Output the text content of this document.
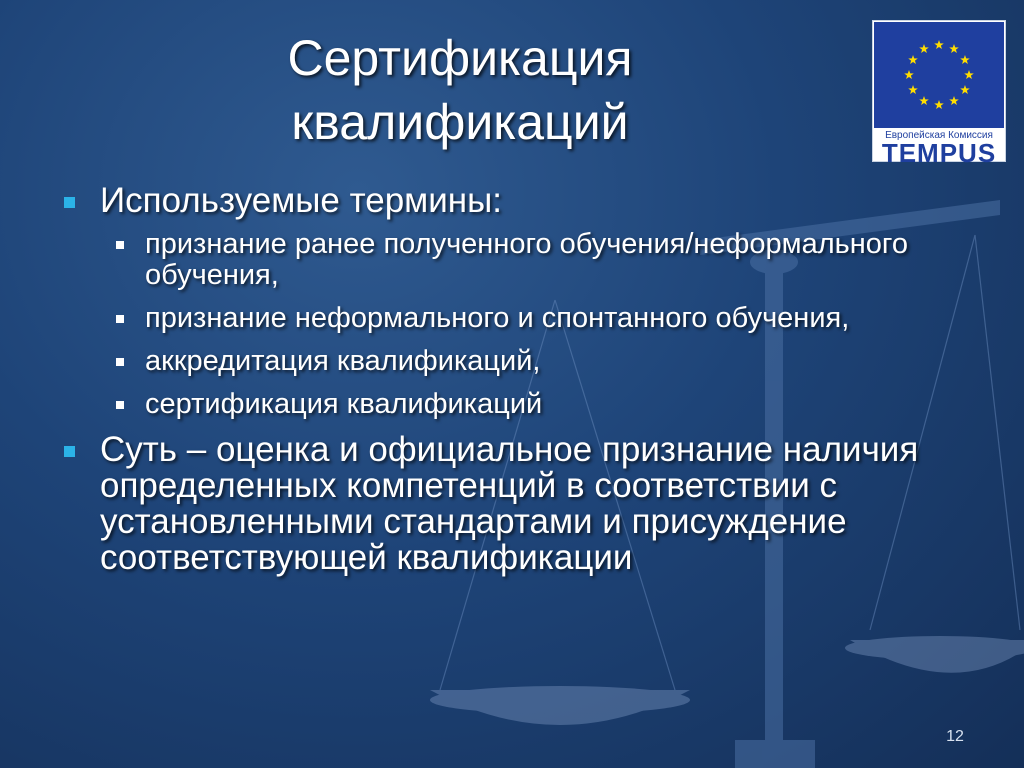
Сертификация квалификаций	Европейская Комиссия
TEMPUS
Используемые термины:
признание ранее полученного обучения/неформального обучения,
признание неформального и спонтанного обучения,
аккредитация квалификаций,
сертификация квалификаций
Суть – оценка и официальное признание наличия определенных компетенций в соответствии с установленными стандартами и присуждение соответствующей квалификации
12
